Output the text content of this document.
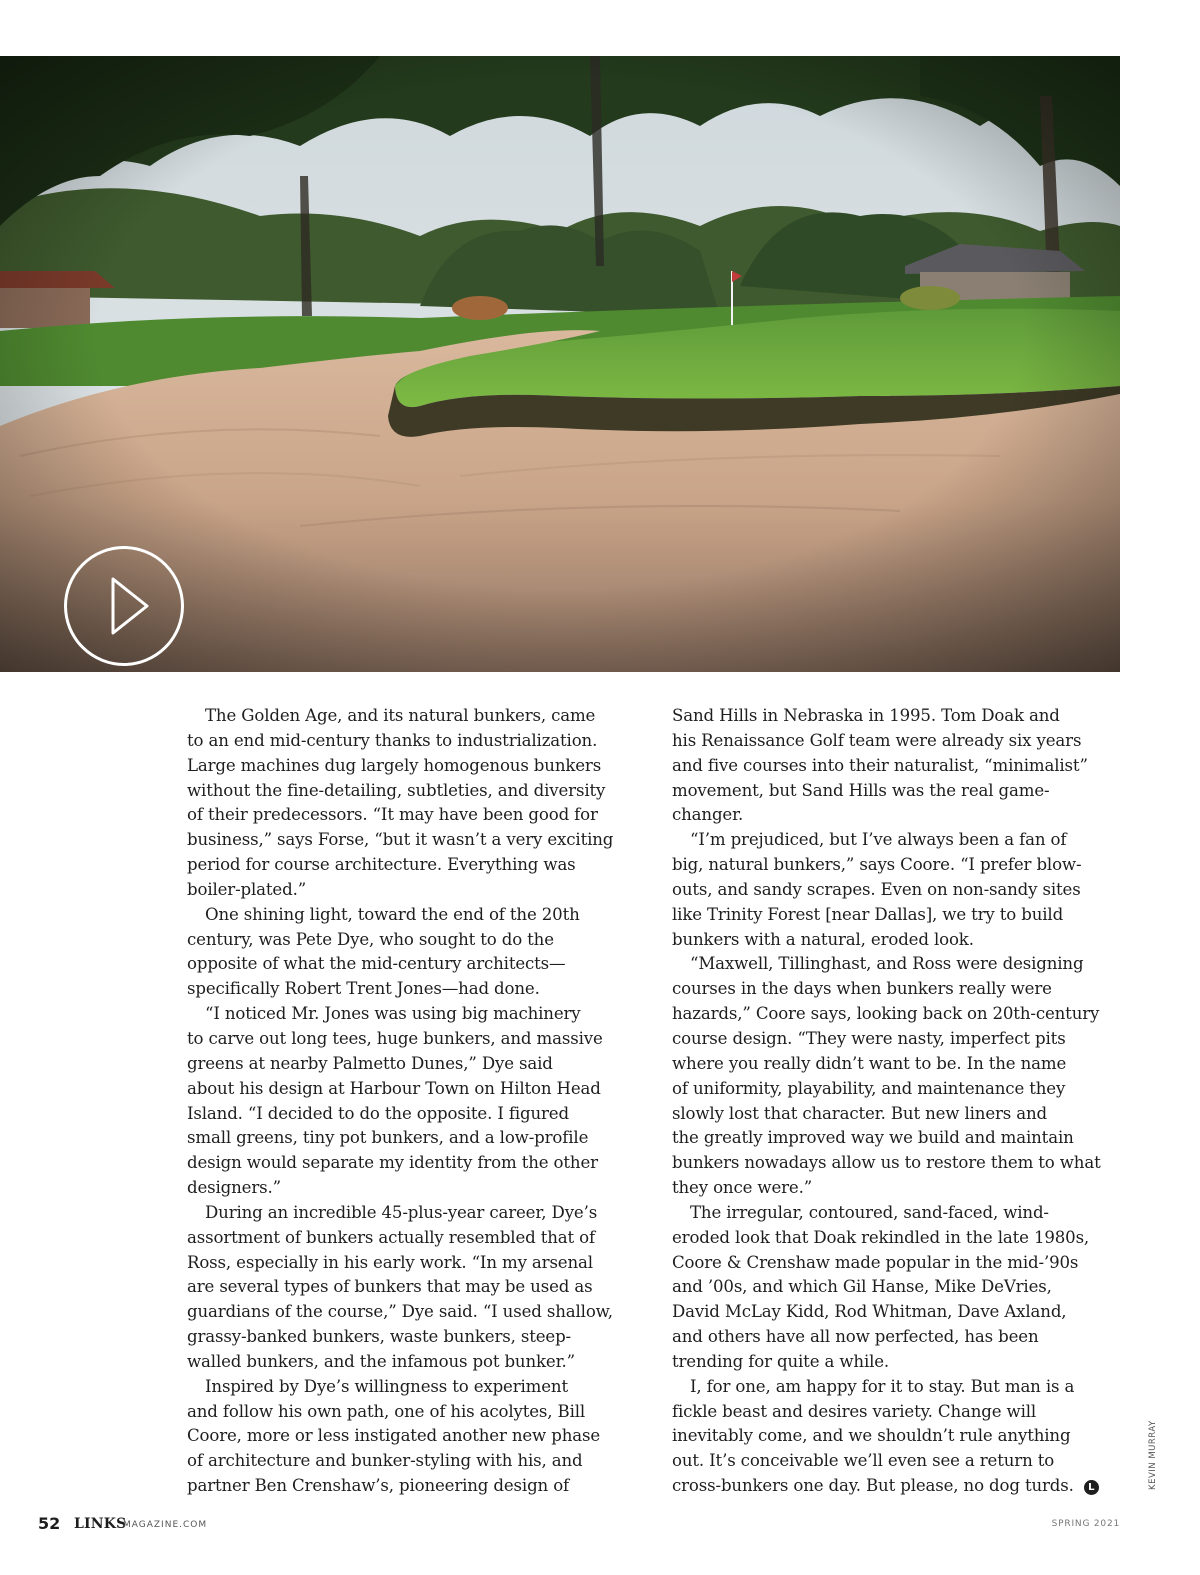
PLAY VIDEO	Harbour Town

The Golden Age, and its natural bunkers, came
to an end mid-century thanks to industrialization.
Large machines dug largely homogenous bunkers
without the fine-detailing, subtleties, and diversity
of their predecessors. “It may have been good for
business,” says Forse, “but it wasn’t a very exciting
period for course architecture. Everything was
boiler-plated.”

One shining light, toward the end of the 20th
century, was Pete Dye, who sought to do the
opposite of what the mid-century architects—
specifically Robert Trent Jones—had done.

“I noticed Mr. Jones was using big machinery
to carve out long tees, huge bunkers, and massive
greens at nearby Palmetto Dunes,” Dye said
about his design at Harbour Town on Hilton Head
Island. “I decided to do the opposite. I figured
small greens, tiny pot bunkers, and a low-profile
design would separate my identity from the other
designers.”

During an incredible 45-plus-year career, Dye’s
assortment of bunkers actually resembled that of
Ross, especially in his early work. “In my arsenal
are several types of bunkers that may be used as
guardians of the course,” Dye said. “I used shallow,
grassy-banked bunkers, waste bunkers, steep-
walled bunkers, and the infamous pot bunker.”

Inspired by Dye’s willingness to experiment
and follow his own path, one of his acolytes, Bill
Coore, more or less instigated another new phase
of architecture and bunker-styling with his, and
partner Ben Crenshaw’s, pioneering design of

Sand Hills in Nebraska in 1995. Tom Doak and
his Renaissance Golf team were already six years
and five courses into their naturalist, “minimalist”
movement, but Sand Hills was the real game-
changer.

“I’m prejudiced, but I’ve always been a fan of
big, natural bunkers,” says Coore. “I prefer blow-
outs, and sandy scrapes. Even on non-sandy sites
like Trinity Forest [near Dallas], we try to build
bunkers with a natural, eroded look.

“Maxwell, Tillinghast, and Ross were designing
courses in the days when bunkers really were
hazards,” Coore says, looking back on 20th-century
course design. “They were nasty, imperfect pits
where you really didn’t want to be. In the name
of uniformity, playability, and maintenance they
slowly lost that character. But new liners and
the greatly improved way we build and maintain
bunkers nowadays allow us to restore them to what
they once were.”

The irregular, contoured, sand-faced, wind-
eroded look that Doak rekindled in the late 1980s,
Coore & Crenshaw made popular in the mid-’90s
and ’00s, and which Gil Hanse, Mike DeVries,
David McLay Kidd, Rod Whitman, Dave Axland,
and others have all now perfected, has been
trending for quite a while.

I, for one, am happy for it to stay. But man is a
fickle beast and desires variety. Change will
inevitably come, and we shouldn’t rule anything
out. It’s conceivable we’ll even see a return to
cross-bunkers one day. But please, no dog turds. L	KEVIN MURRAY
52 LINKS
MAGAZINE.COM	SPRING 2021
